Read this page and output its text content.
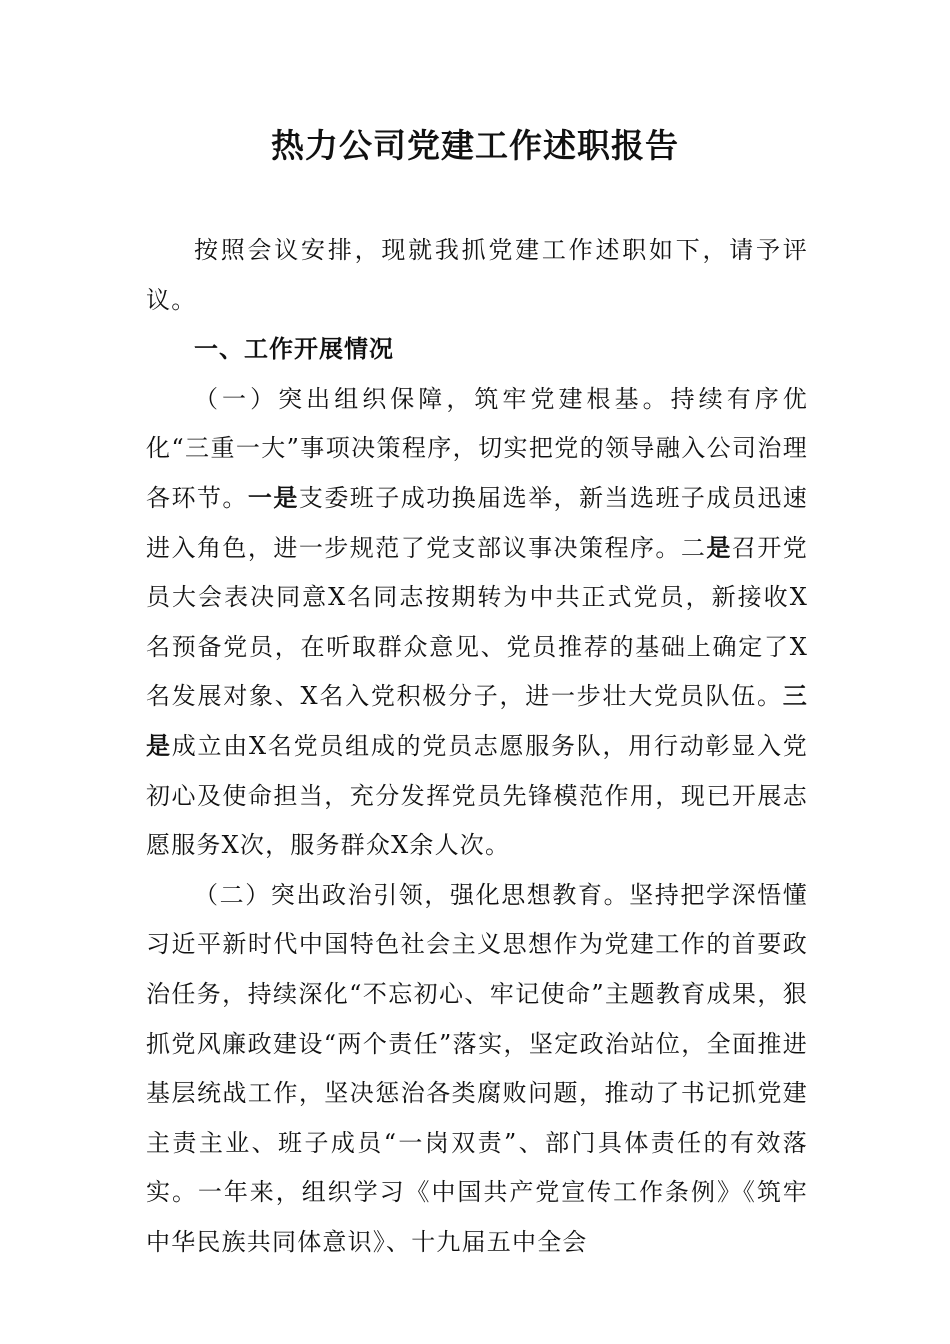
热力公司党建工作述职报告

按照会议安排，现就我抓党建工作述职如下，请予评议。

一、工作开展情况

（一）突出组织保障，筑牢党建根基。持续有序优化“三重一大”事项决策程序，切实把党的领导融入公司治理各环节。一是支委班子成功换届选举，新当选班子成员迅速进入角色，进一步规范了党支部议事决策程序。二是召开党员大会表决同意X名同志按期转为中共正式党员，新接收X名预备党员，在听取群众意见、党员推荐的基础上确定了X名发展对象、X名入党积极分子，进一步壮大党员队伍。三是成立由X名党员组成的党员志愿服务队，用行动彰显入党初心及使命担当，充分发挥党员先锋模范作用，现已开展志愿服务X次，服务群众X余人次。

（二）突出政治引领，强化思想教育。坚持把学深悟懂习近平新时代中国特色社会主义思想作为党建工作的首要政治任务，持续深化“不忘初心、牢记使命”主题教育成果，狠抓党风廉政建设“两个责任”落实，坚定政治站位，全面推进基层统战工作，坚决惩治各类腐败问题，推动了书记抓党建主责主业、班子成员“一岗双责”、部门具体责任的有效落实。一年来，组织学习《中国共产党宣传工作条例》《筑牢中华民族共同体意识》、十九届五中全会
